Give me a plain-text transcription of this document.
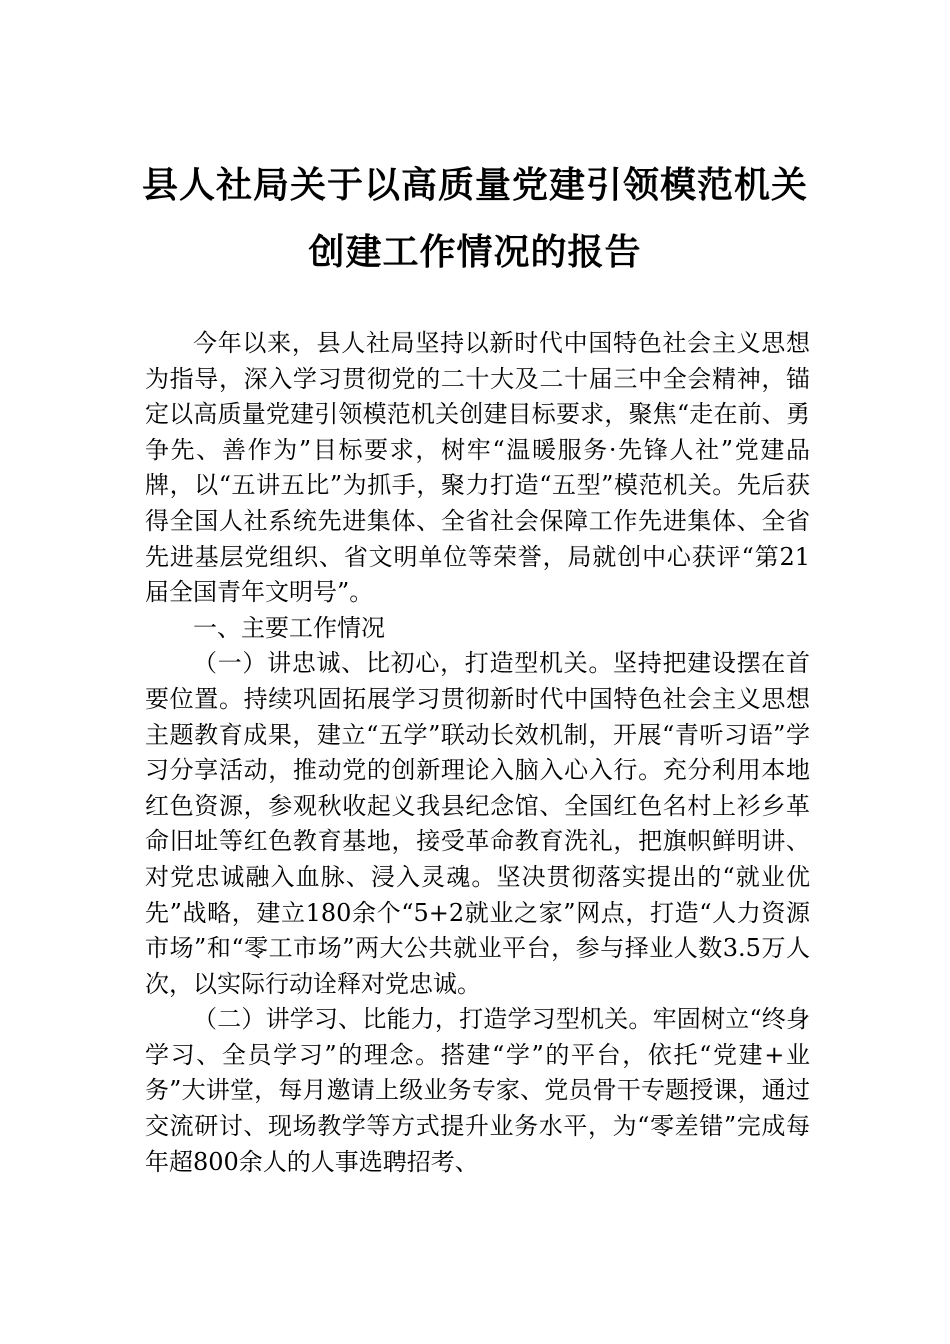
县人社局关于以高质量党建引领模范机关
创建工作情况的报告

今年以来，县人社局坚持以新时代中国特色社会主义思想为指导，深入学习贯彻党的二十大及二十届三中全会精神，锚定以高质量党建引领模范机关创建目标要求，聚焦“走在前、勇争先、善作为”目标要求，树牢“温暖服务·先锋人社”党建品牌，以“五讲五比”为抓手，聚力打造“五型”模范机关。先后获得全国人社系统先进集体、全省社会保障工作先进集体、全省先进基层党组织、省文明单位等荣誉，局就创中心获评“第21届全国青年文明号”。

一、主要工作情况

（一）讲忠诚、比初心，打造型机关。坚持把建设摆在首要位置。持续巩固拓展学习贯彻新时代中国特色社会主义思想主题教育成果，建立“五学”联动长效机制，开展“青听习语”学习分享活动，推动党的创新理论入脑入心入行。充分利用本地红色资源，参观秋收起义我县纪念馆、全国红色名村上衫乡革命旧址等红色教育基地，接受革命教育洗礼，把旗帜鲜明讲、对党忠诚融入血脉、浸入灵魂。坚决贯彻落实提出的“就业优先”战略，建立180余个“5+2就业之家”网点，打造“人力资源市场”和“零工市场”两大公共就业平台，参与择业人数3.5万人次，以实际行动诠释对党忠诚。

（二）讲学习、比能力，打造学习型机关。牢固树立“终身学习、全员学习”的理念。搭建“学”的平台，依托“党建+业务”大讲堂，每月邀请上级业务专家、党员骨干专题授课，通过交流研讨、现场教学等方式提升业务水平，为“零差错”完成每年超800余人的人事选聘招考、
